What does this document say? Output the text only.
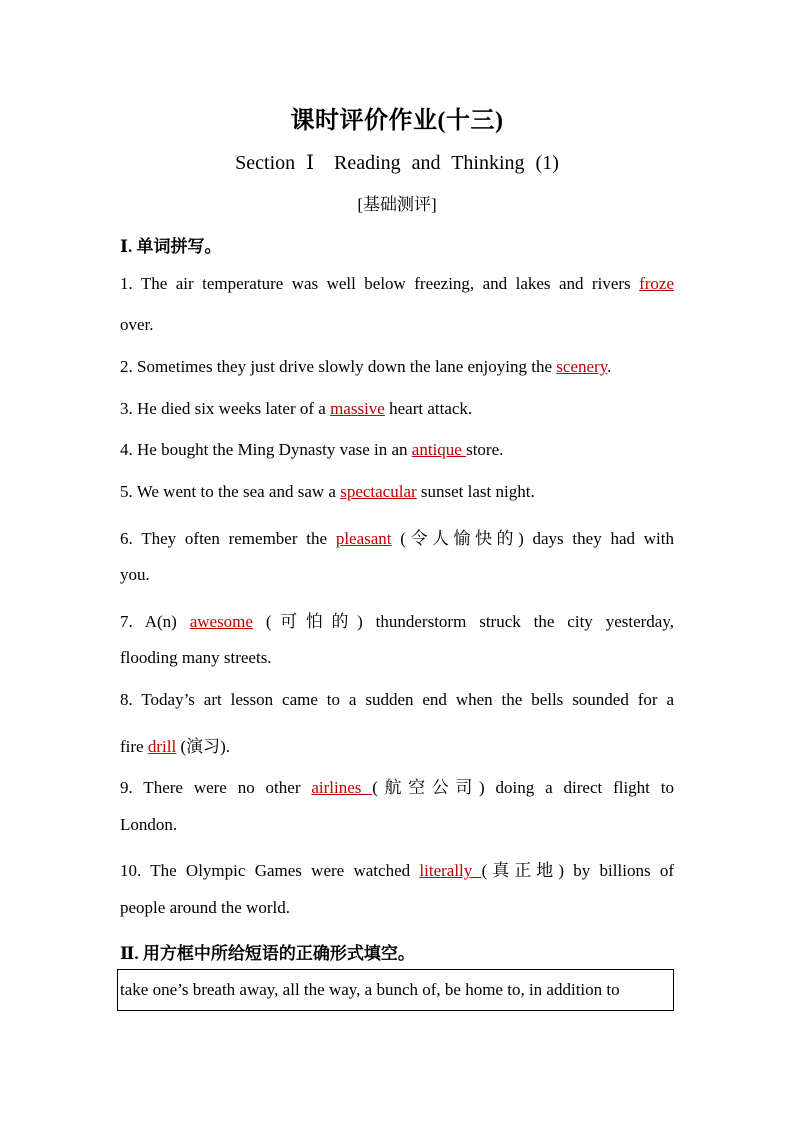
课时评价作业(十三)
Section Ⅰ　Reading and Thinking (1)
[基础测评]
Ⅰ. 单词拼写。
1. The air temperature was well below freezing, and lakes and rivers froze
over.
2. Sometimes they just drive slowly down the lane enjoying the scenery.
3. He died six weeks later of a massive heart attack.
4. He bought the Ming Dynasty vase in an antique store.
5. We went to the sea and saw a spectacular sunset last night.
6. They often remember the pleasant (令人愉快的) days they had with
you.
7. A(n) awesome (可怕的) thunderstorm struck the city yesterday,
flooding many streets.
8. Today’s art lesson came to a sudden end when the bells sounded for a
fire drill (演习).
9. There were no other airlines (航空公司) doing a direct flight to
London.
10. The Olympic Games were watched literally (真正地) by billions of
people around the world.
Ⅱ. 用方框中所给短语的正确形式填空。
take one’s breath away, all the way, a bunch of, be home to, in addition to
